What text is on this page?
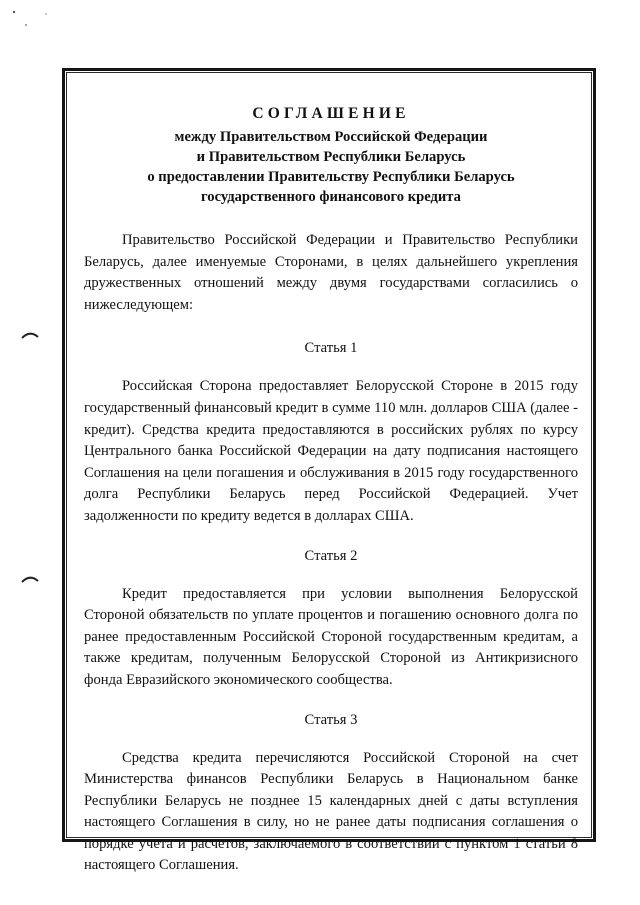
СОГЛАШЕНИЕ

между Правительством Российской Федерации

и Правительством Республики Беларусь

о предоставлении Правительству Республики Беларусь

государственного финансового кредита

Правительство Российской Федерации и Правительство Республики Беларусь, далее именуемые Сторонами, в целях дальнейшего укрепления дружественных отношений между двумя государствами согласились о нижеследующем:

Статья 1

Российская Сторона предоставляет Белорусской Стороне в 2015 году государственный финансовый кредит в сумме 110 млн. долларов США (далее - кредит). Средства кредита предоставляются в российских рублях по курсу Центрального банка Российской Федерации на дату подписания настоящего Соглашения на цели погашения и обслуживания в 2015 году государственного долга Республики Беларусь перед Российской Федерацией. Учет задолженности по кредиту ведется в долларах США.

Статья 2

Кредит предоставляется при условии выполнения Белорусской Стороной обязательств по уплате процентов и погашению основного долга по ранее предоставленным Российской Стороной государственным кредитам, а также кредитам, полученным Белорусской Стороной из Антикризисного фонда Евразийского экономического сообщества.

Статья 3

Средства кредита перечисляются Российской Стороной на счет Министерства финансов Республики Беларусь в Национальном банке Республики Беларусь не позднее 15 календарных дней с даты вступления настоящего Соглашения в силу, но не ранее даты подписания соглашения о порядке учета и расчетов, заключаемого в соответствии с пунктом 1 статьи 8 настоящего Соглашения.
